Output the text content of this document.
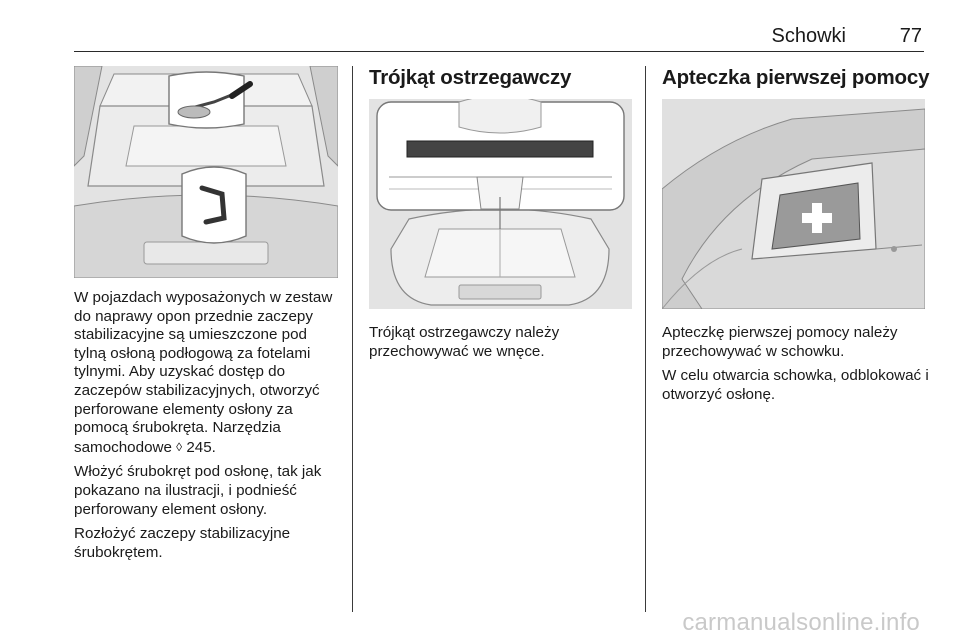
Schowki	77

W pojazdach wyposażonych w zestaw do naprawy opon przednie zaczepy stabilizacyjne są umieszczone pod tylną osłoną podłogową za fotelami tylnymi. Aby uzyskać dostęp do zaczepów stabilizacyjnych, otworzyć perforowane elementy osłony za pomocą śrubokręta. Narzędzia samochodowe ◊ 245.

Włożyć śrubokręt pod osłonę, tak jak pokazano na ilustracji, i podnieść perforowany element osłony.

Rozłożyć zaczepy stabilizacyjne śrubokrętem.

Trójkąt ostrzegawczy

Trójkąt ostrzegawczy należy przechowywać we wnęce.

Apteczka pierwszej pomocy

Apteczkę pierwszej pomocy należy przechowywać w schowku.

W celu otwarcia schowka, odblokować i otworzyć osłonę.

carmanualsonline.info
